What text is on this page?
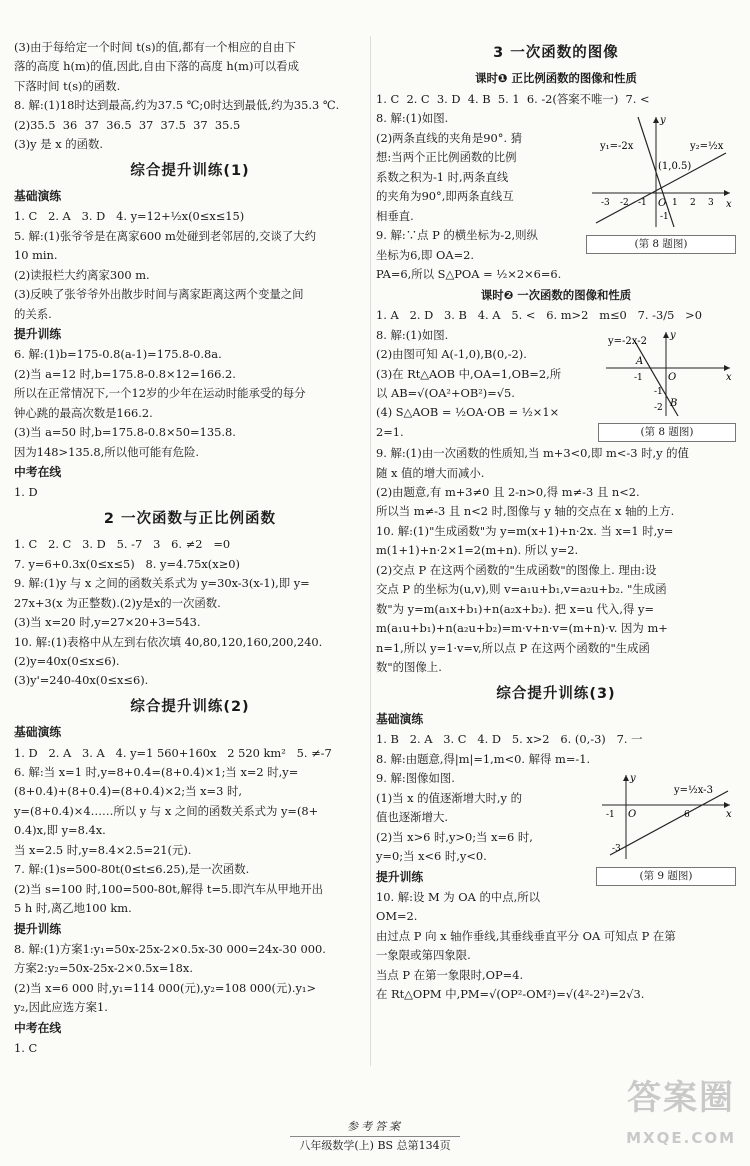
(3)由于每给定一个时间 t(s)的值,都有一个相应的自由下

落的高度 h(m)的值,因此,自由下落的高度 h(m)可以看成

下落时间 t(s)的函数.

8. 解:(1)18时达到最高,约为37.5 ℃;0时达到最低,约为35.3 ℃.

(2)35.5  36  37  36.5  37  37.5  37  35.5

(3)y 是 x 的函数.

综合提升训练(1)
基础演练

1. C   2. A   3. D   4. y=12+½x(0≤x≤15)

5. 解:(1)张爷爷是在离家600 m处碰到老邻居的,交谈了大约

10 min.

(2)读报栏大约离家300 m.

(3)反映了张爷爷外出散步时间与离家距离这两个变量之间

的关系.

提升训练

6. 解:(1)b=175-0.8(a-1)=175.8-0.8a.

(2)当 a=12 时,b=175.8-0.8×12=166.2.

所以在正常情况下,一个12岁的少年在运动时能承受的每分

钟心跳的最高次数是166.2.

(3)当 a=50 时,b=175.8-0.8×50=135.8.

因为148>135.8,所以他可能有危险.

中考在线

1. D

2 一次函数与正比例函数

1. C   2. C   3. D   5. -7   3   6. ≠2   =0

7. y=6+0.3x(0≤x≤5)   8. y=4.75x(x≥0)

9. 解:(1)y 与 x 之间的函数关系式为 y=30x-3(x-1),即 y=

27x+3(x 为正整数).(2)y是x的一次函数.

(3)当 x=20 时,y=27×20+3=543.

10. 解:(1)表格中从左到右依次填 40,80,120,160,200,240.

(2)y=40x(0≤x≤6).

(3)y'=240-40x(0≤x≤6).

综合提升训练(2)
基础演练

1. D   2. A   3. A   4. y=1 560+160x   2 520 km²   5. ≠-7

6. 解:当 x=1 时,y=8+0.4=(8+0.4)×1;当 x=2 时,y=

(8+0.4)+(8+0.4)=(8+0.4)×2;当 x=3 时,

y=(8+0.4)×4……所以 y 与 x 之间的函数关系式为 y=(8+

0.4)x,即 y=8.4x.

当 x=2.5 时,y=8.4×2.5=21(元).

7. 解:(1)s=500-80t(0≤t≤6.25),是一次函数.

(2)当 s=100 时,100=500-80t,解得 t=5.即汽车从甲地开出

5 h 时,离乙地100 km.

提升训练

8. 解:(1)方案1:y₁=50x-25x-2×0.5x-30 000=24x-30 000.

方案2:y₂=50x-25x-2×0.5x=18x.

(2)当 x=6 000 时,y₁=114 000(元),y₂=108 000(元).y₁>

y₂,因此应选方案1.

中考在线

1. C

3 一次函数的图像
课时❶ 正比例函数的图像和性质

1. C  2. C  3. D  4. B  5. 1  6. -2(答案不唯一)  7. <

x
y
O
y₁=-2x	y₂=½x
(1,0.5)
-3 -2 -1	1 2 3
-1
(第 8 题图)

8. 解:(1)如图.

(2)两条直线的夹角是90°. 猜

想:当两个正比例函数的比例

系数之积为-1 时,两条直线

的夹角为90°,即两条直线互

相垂直.

9. 解:∵点 P 的横坐标为-2,则纵

坐标为6,即 OA=2.

PA=6,所以 S△POA = ½×2×6=6.

课时❷ 一次函数的图像和性质

1. A   2. D   3. B   4. A   5. <   6. m>2   m≤0   7. -3/5   >0

x
y
O
y=-2x-2
A
B
-1
-1
-2
(第 8 题图)

8. 解:(1)如图.

(2)由图可知 A(-1,0),B(0,-2).

(3)在 Rt△AOB 中,OA=1,OB=2,所

以 AB=√(OA²+OB²)=√5.

(4) S△AOB = ½OA·OB = ½×1×

2=1.

9. 解:(1)由一次函数的性质知,当 m+3<0,即 m<-3 时,y 的值

随 x 值的增大而减小.

(2)由题意,有 m+3≠0 且 2-n>0,得 m≠-3 且 n<2.

所以当 m≠-3 且 n<2 时,图像与 y 轴的交点在 x 轴的上方.

10. 解:(1)"生成函数"为 y=m(x+1)+n·2x. 当 x=1 时,y=

m(1+1)+n·2×1=2(m+n). 所以 y=2.

(2)交点 P 在这两个函数的"生成函数"的图像上. 理由:设

交点 P 的坐标为(u,v),则 v=a₁u+b₁,v=a₂u+b₂. "生成函

数"为 y=m(a₁x+b₁)+n(a₂x+b₂). 把 x=u 代入,得 y=

m(a₁u+b₁)+n(a₂u+b₂)=m·v+n·v=(m+n)·v. 因为 m+

n=1,所以 y=1·v=v,所以点 P 在这两个函数的"生成函

数"的图像上.

综合提升训练(3)
基础演练

1. B   2. A   3. C   4. D   5. x>2   6. (0,-3)   7. 一

8. 解:由题意,得|m|=1,m<0. 解得 m=-1.

x
y
O
y=½x-3
-1	6
-3
(第 9 题图)

9. 解:图像如图.

(1)当 x 的值逐渐增大时,y 的

值也逐渐增大.

(2)当 x>6 时,y>0;当 x=6 时,

y=0;当 x<6 时,y<0.

提升训练

10. 解:设 M 为 OA 的中点,所以

OM=2.

由过点 P 向 x 轴作垂线,其垂线垂直平分 OA 可知点 P 在第

一象限或第四象限.

当点 P 在第一象限时,OP=4.

在 Rt△OPM 中,PM=√(OP²-OM²)=√(4²-2²)=2√3.

参考答案
八年级数学(上) BS 总第134页
答案圈
MXQE.COM
